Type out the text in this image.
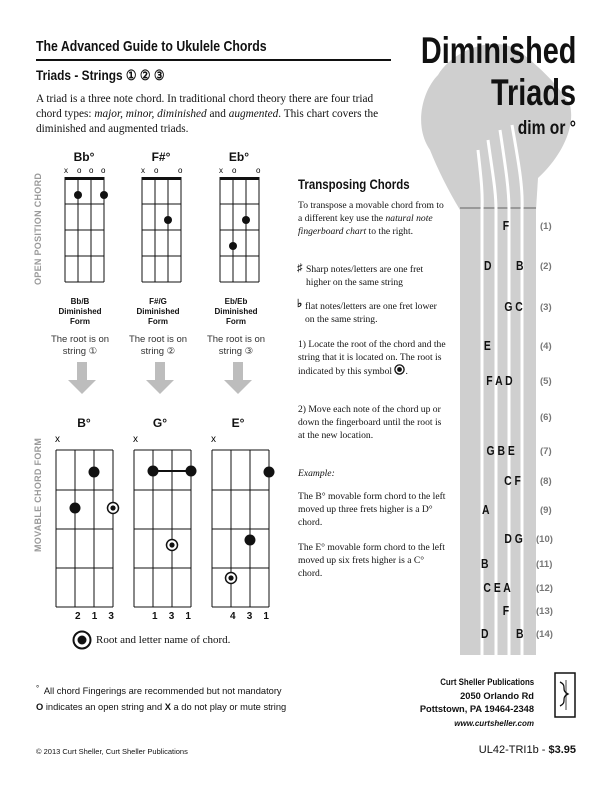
The Advanced Guide to Ukulele Chords
Triads - Strings ① ② ③
A triad is a three note chord. In traditional chord theory there are four triad chord types: major, minor, diminished and augmented. This chart covers the diminished and augmented triads.
Diminished
Triads
dim or °
OPEN POSITION CHORD
MOVABLE CHORD FORM
Bb°	F#°	Eb°
x o o o	x o o	x o o
Bb/B
Diminished
Form
F#/G
Diminished
Form
Eb/Eb
Diminished
Form
The root is on
string ①
The root is on
string ②
The root is on
string ③
B°	G°	E°
x	x	x
2 1 3	1 3 1	4 3 1
Root and letter name of chord.
Transposing Chords
To transpose a movable chord from to a different key use the natural note fingerboard chart to the right.
♯ Sharp notes/letters are one fret higher on the same string
♭ flat notes/letters are one fret lower on the same string.
1) Locate the root of the chord and the string that it is located on. The root is indicated by this symbol .
2) Move each note of the chord up or down the fingerboard until the root is at the new location.
Example:
The B° movable form chord to the left moved up three frets higher is a D° chord.
The E° movable form chord to the left moved up six frets higher is a C° chord.
F	(1)
D B (2)
G C (3)
E	(4)
F A D	(5)
(6)
G B E	(7)
C F (8)
A	(9)
D G (10)
B	(11)
C E A	(12)
F	(13)
D B (14)
° All chord Fingerings are recommended but not mandatory
O indicates an open string and X a do not play or mute string
Curt Sheller Publications
2050 Orlando Rd
Pottstown, PA 19464-2348
www.curtsheller.com
© 2013 Curt Sheller, Curt Sheller Publications	UL42-TRI1b - $3.95
